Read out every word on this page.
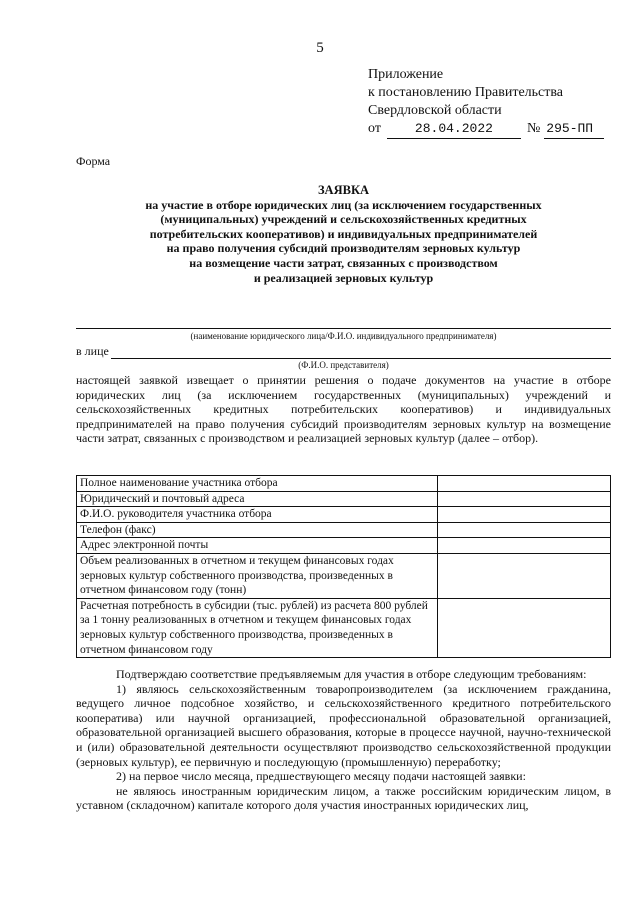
5
Приложение
к постановлению Правительства
Свердловской области
от	28.04.2022	№ 295-ПП
Форма
ЗАЯВКА
на участие в отборе юридических лиц (за исключением государственных
(муниципальных) учреждений и сельскохозяйственных кредитных
потребительских кооперативов) и индивидуальных предпринимателей
на право получения субсидий производителям зерновых культур
на возмещение части затрат, связанных с производством
и реализацией зерновых культур
(наименование юридического лица/Ф.И.О. индивидуального предпринимателя)
в лице
(Ф.И.О. представителя)

настоящей заявкой извещает о принятии решения о подаче документов на участие в отборе юридических лиц (за исключением государственных (муниципальных) учреждений и сельскохозяйственных кредитных потребительских кооперативов) и индивидуальных предпринимателей на право получения субсидий производителям зерновых культур на возмещение части затрат, связанных с производством и реализацией зерновых культур (далее – отбор).

Полное наименование участника отбора	
Юридический и почтовый адреса	
Ф.И.О. руководителя участника отбора	
Телефон (факс)	
Адрес электронной почты	
Объем реализованных в отчетном и текущем финансовых годах зерновых культур собственного производства, произведенных в отчетном финансовом году (тонн)	
Расчетная потребность в субсидии (тыс. рублей) из расчета 800 рублей за 1 тонну реализованных в отчетном и текущем финансовых годах зерновых культур собственного производства, произведенных в отчетном финансовом году	

Подтверждаю соответствие предъявляемым для участия в отборе следующим требованиям:

1) являюсь сельскохозяйственным товаропроизводителем (за исключением гражданина, ведущего личное подсобное хозяйство, и сельскохозяйственного кредитного потребительского кооператива) или научной организацией, профессиональной образовательной организацией, образовательной организацией высшего образования, которые в процессе научной, научно-технической и (или) образовательной деятельности осуществляют производство сельскохозяйственной продукции (зерновых культур), ее первичную и последующую (промышленную) переработку;

2) на первое число месяца, предшествующего месяцу подачи настоящей заявки:

не являюсь иностранным юридическим лицом, а также российским юридическим лицом, в уставном (складочном) капитале которого доля участия иностранных юридических лиц,
